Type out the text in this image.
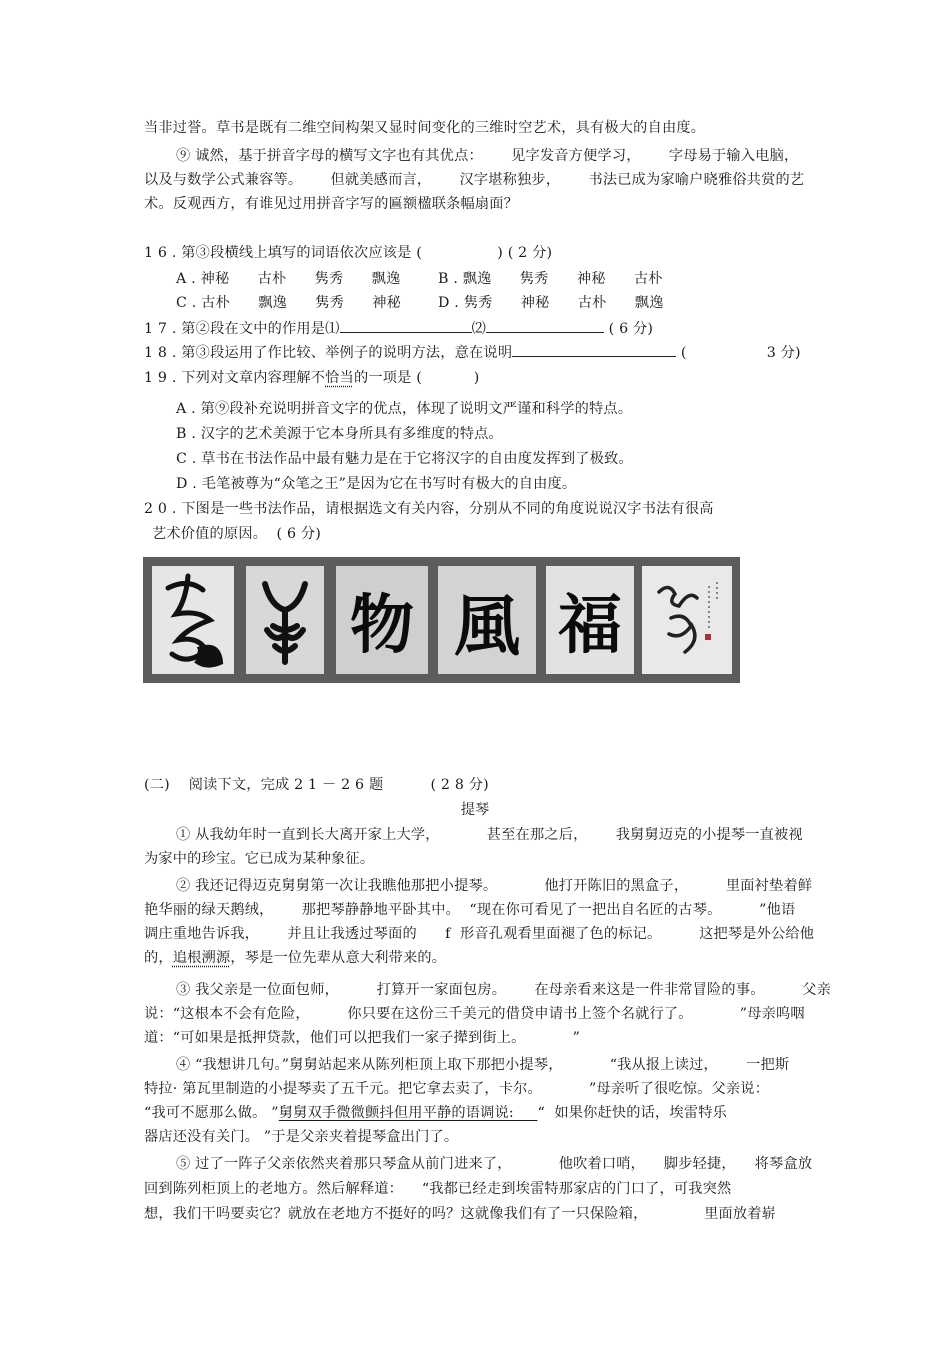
当非过誉。草书是既有二维空间构架又显时间变化的三维时空艺术，具有极大的自由度。
⑨ 诚然，基于拼音字母的横写文字也有其优点：      见字发音方便学习，      字母易于输入电脑，
以及与数学公式兼容等。      但就美感而言，      汉字堪称独步，      书法已成为家喻户晓雅俗共赏的艺
术。反观西方，有谁见过用拼音字写的匾额楹联条幅扇面？
1 6 . 第③段横线上填写的词语依次应该是 (                ) ( 2 分)
A . 神秘      古朴      隽秀      飘逸	B . 飘逸      隽秀      神秘      古朴
C . 古朴      飘逸      隽秀      神秘	D . 隽秀      神秘      古朴      飘逸
1 7 . 第②段在文中的作用是⑴	⑵	( 6 分)
1 8 . 第③段运用了作比较、举例子的说明方法，意在说明	(                 3 分)
1 9 . 下列对文章内容理解不恰当的一项是 (           )
A . 第⑨段补充说明拼音文字的优点，体现了说明文严谨和科学的特点。
B . 汉字的艺术美源于它本身所具有多维度的特点。
C . 草书在书法作品中最有魅力是在于它将汉字的自由度发挥到了极致。
D . 毛笔被尊为“众笔之王”是因为它在书写时有极大的自由度。
2 0 . 下图是一些书法作品，请根据选文有关内容，分别从不同的角度说说汉字书法有很高
艺术价值的原因。  ( 6 分)
物 風 福
(二)    阅读下文，完成 2 1 － 2 6 题          ( 2 8 分)
提琴
① 从我幼年时一直到长大离开家上大学，          甚至在那之后，      我舅舅迈克的小提琴一直被视
为家中的珍宝。它已成为某种象征。
② 我还记得迈克舅舅第一次让我瞧他那把小提琴。          他打开陈旧的黑盒子，        里面衬垫着鲜
艳华丽的绿天鹅绒，      那把琴静静地平卧其中。  “现在你可看见了一把出自名匠的古琴。        ”他语
调庄重地告诉我，      并且让我透过琴面的      f  形音孔观看里面褪了色的标记。        这把琴是外公给他
的，追根溯源，琴是一位先辈从意大利带来的。
③ 我父亲是一位面包师，        打算开一家面包房。      在母亲看来这是一件非常冒险的事。        父亲
说：“这根本不会有危险，        你只要在这份三千美元的借贷申请书上签个名就行了。          ”母亲呜咽
道：“可如果是抵押贷款，他们可以把我们一家子撵到街上。          ”
④ “我想讲几句。”舅舅站起来从陈列柜顶上取下那把小提琴，          “我从报上读过，      一把斯
特拉· 第瓦里制造的小提琴卖了五千元。把它拿去卖了，卡尔。          ”母亲听了很吃惊。父亲说：
“我可不愿那么做。 ”舅舅双手微微颤抖但用平静的语调说:     “  如果你赶快的话，埃雷特乐
器店还没有关门。 ”于是父亲夹着提琴盒出门了。
⑤ 过了一阵子父亲依然夹着那只琴盒从前门进来了，          他吹着口哨，    脚步轻捷，    将琴盒放
回到陈列柜顶上的老地方。然后解释道：    “我都已经走到埃雷特那家店的门口了，可我突然
想，我们干吗要卖它？就放在老地方不挺好的吗？这就像我们有了一只保险箱，            里面放着崭
